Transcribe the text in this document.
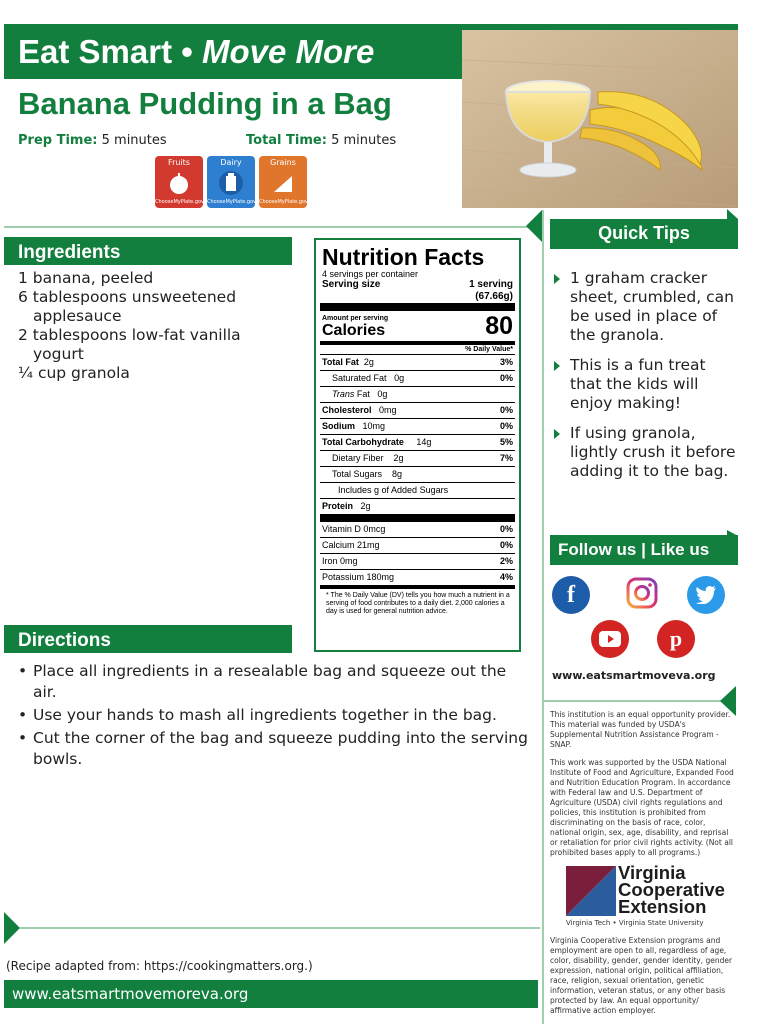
Eat Smart • Move More
Banana Pudding in a Bag
Prep Time: 5 minutes	Total Time: 5 minutes
Fruits
ChooseMyPlate.gov
Dairy
ChooseMyPlate.gov
Grains
ChooseMyPlate.gov
Ingredients
1 banana, peeled
6 tablespoons unsweetened applesauce
2 tablespoons low-fat vanilla yogurt
¼ cup granola
Nutrition Facts
4 servings per container
Serving size	1 serving
(67.66g)
Amount per serving
Calories	80
% Daily Value*
Total Fat 2g	3%
Saturated Fat 0g	0%
Trans Fat 0g
Cholesterol 0mg	0%
Sodium 10mg	0%
Total Carbohydrate 14g	5%
Dietary Fiber 2g	7%
Total Sugars 8g
Includes g of Added Sugars
Protein 2g
Vitamin D 0mcg	0%
Calcium 21mg	0%
Iron 0mg	2%
Potassium 180mg	4%
* The % Daily Value (DV) tells you how much a nutrient in a serving of food contributes to a daily diet. 2,000 calories a day is used for general nutrition advice.
Directions
• Place all ingredients in a resealable bag and squeeze out the air.
• Use your hands to mash all ingredients together in the bag.
• Cut the corner of the bag and squeeze pudding into the serving bowls.
Quick Tips
1 graham cracker sheet, crumbled, can be used in place of the granola.
This is a fun treat that the kids will enjoy making!
If using granola, lightly crush it before adding it to the bag.
Follow us | Like us
f
p
www.eatsmartmoveva.org
This institution is an equal opportunity provider. This material was funded by USDA's Supplemental Nutrition Assistance Program - SNAP.
This work was supported by the USDA National Institute of Food and Agriculture, Expanded Food and Nutrition Education Program. In accordance with Federal law and U.S. Department of Agriculture (USDA) civil rights regulations and policies, this institution is prohibited from discriminating on the basis of race, color, national origin, sex, age, disability, and reprisal or retaliation for prior civil rights activity. (Not all prohibited bases apply to all programs.)
Virginia
Cooperative
Extension
Virginia Tech • Virginia State University
Virginia Cooperative Extension programs and employment are open to all, regardless of age, color, disability, gender, gender identity, gender expression, national origin, political affiliation, race, religion, sexual orientation, genetic information, veteran status, or any other basis protected by law. An equal opportunity/ affirmative action employer.
(Recipe adapted from: https://cookingmatters.org.)
www.eatsmartmovemoreva.org
